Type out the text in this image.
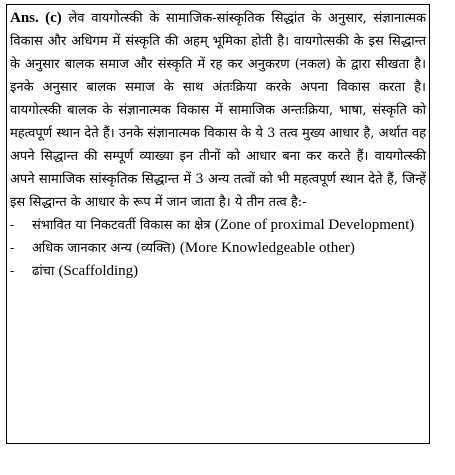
Ans. (c) लेव वायगोत्स्की के सामाजिक-सांस्कृतिक सिद्धांत के अनुसार, संज्ञानात्मक विकास और अधिगम में संस्कृति की अहम् भूमिका होती है। वायगोत्सकी के इस सिद्धान्त के अनुसार बालक समाज और संस्कृति में रह कर अनुकरण (नकल) के द्वारा सीखता है। इनके अनुसार बालक समाज के साथ अंतःक्रिया करके अपना विकास करता है। वायगोत्स्की बालक के संज्ञानात्मक विकास में सामाजिक अन्तःक्रिया, भाषा, संस्कृति को महत्वपूर्ण स्थान देते हैं। उनके संज्ञानात्मक विकास के ये 3 तत्व मुख्य आधार है, अर्थात वह अपने सिद्धान्त की सम्पूर्ण व्याख्या इन तीनों को आधार बना कर करते हैं। वायगोत्स्की अपने सामाजिक सांस्कृतिक सिद्धान्त में 3 अन्य तत्वों को भी महत्वपूर्ण स्थान देते हैं, जिन्हें इस सिद्धान्त के आधार के रूप में जान जाता है। ये तीन तत्व है:-

- संभावित या निकटवर्ती विकास का क्षेत्र (Zone of proximal Development)
- अधिक जानकार अन्य (व्यक्ति) (More Knowledgeable other)
- ढांचा (Scaffolding)
